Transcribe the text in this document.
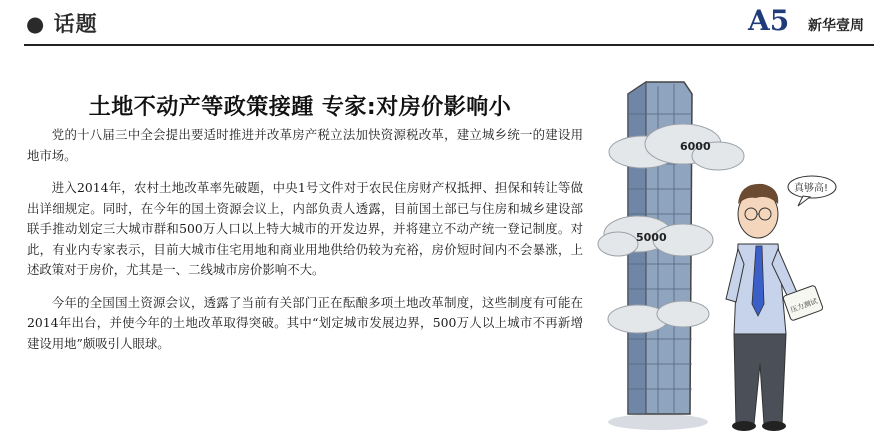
● 话题	A5 新华壹周
土地不动产等政策接踵 专家:对房价影响小

党的十八届三中全会提出要适时推进并改革房产税立法加快资源税改革，建立城乡统一的建设用地市场。

进入2014年，农村土地改革率先破题，中央1号文件对于农民住房财产权抵押、担保和转让等做出详细规定。同时，在今年的国土资源会议上，内部负责人透露，目前国土部已与住房和城乡建设部联手推动划定三大城市群和500万人口以上特大城市的开发边界，并将建立不动产统一登记制度。对此，有业内专家表示，目前大城市住宅用地和商业用地供给仍较为充裕，房价短时间内不会暴涨，上述政策对于房价，尤其是一、二线城市房价影响不大。

今年的全国国土资源会议，透露了当前有关部门正在酝酿多项土地改革制度，这些制度有可能在2014年出台，并使今年的土地改革取得突破。其中“划定城市发展边界，500万人以上城市不再新增建设用地”颇吸引人眼球。

6000
5000
真够高!
压力测试
